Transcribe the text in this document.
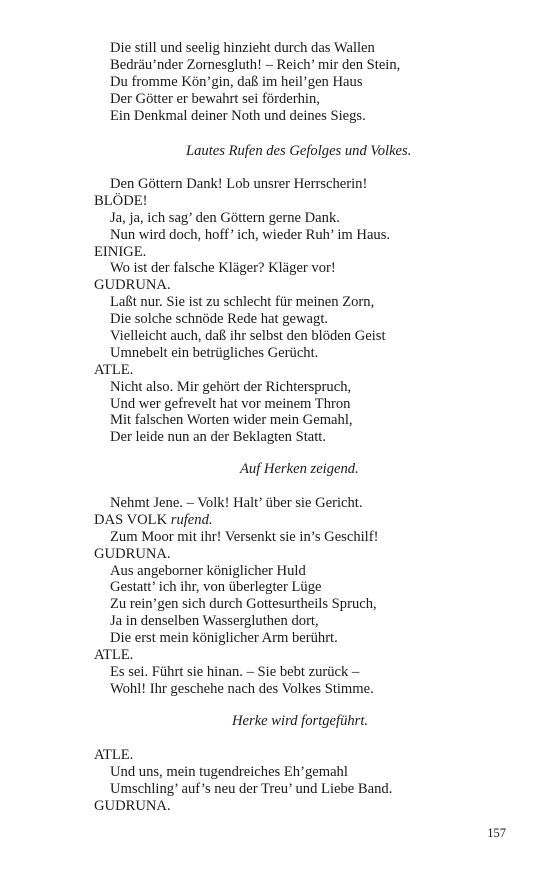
Die still und seelig hinzieht durch das Wallen
Bedräu’nder Zornesgluth! – Reich’ mir den Stein,
Du fromme Kön’gin, daß im heil’gen Haus
Der Götter er bewahrt sei förderhin,
Ein Denkmal deiner Noth und deines Siegs.
Lautes Rufen des Gefolges und Volkes.
Den Göttern Dank! Lob unsrer Herrscherin!
BLÖDE!
Ja, ja, ich sag’ den Göttern gerne Dank.
Nun wird doch, hoff’ ich, wieder Ruh’ im Haus.
EINIGE.
Wo ist der falsche Kläger? Kläger vor!
GUDRUNA.
Laßt nur. Sie ist zu schlecht für meinen Zorn,
Die solche schnöde Rede hat gewagt.
Vielleicht auch, daß ihr selbst den blöden Geist
Umnebelt ein betrügliches Gerücht.
ATLE.
Nicht also. Mir gehört der Richterspruch,
Und wer gefrevelt hat vor meinem Thron
Mit falschen Worten wider mein Gemahl,
Der leide nun an der Beklagten Statt.
Auf Herken zeigend.
Nehmt Jene. – Volk! Halt’ über sie Gericht.
DAS VOLK rufend.
Zum Moor mit ihr! Versenkt sie in’s Geschilf!
GUDRUNA.
Aus angeborner königlicher Huld
Gestatt’ ich ihr, von überlegter Lüge
Zu rein’gen sich durch Gottesurtheils Spruch,
Ja in denselben Wassergluthen dort,
Die erst mein königlicher Arm berührt.
ATLE.
Es sei. Führt sie hinan. – Sie bebt zurück –
Wohl! Ihr geschehe nach des Volkes Stimme.
Herke wird fortgeführt.
ATLE.
Und uns, mein tugendreiches Eh’gemahl
Umschling’ auf’s neu der Treu’ und Liebe Band.
GUDRUNA.
157
